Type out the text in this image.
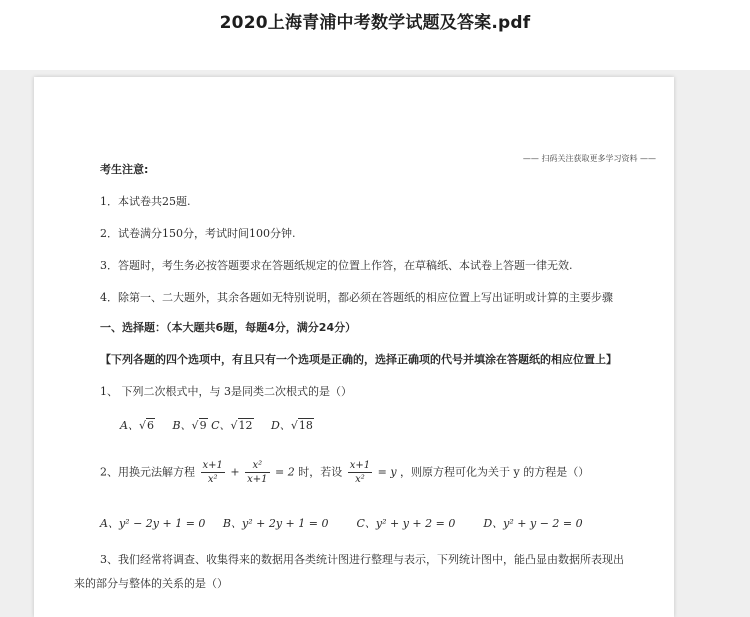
2020上海青浦中考数学试题及答案.pdf
—— 扫码关注获取更多学习资料 ——
考生注意:
1．本试卷共25题.
2．试卷满分150分，考试时间100分钟.
3．答题时，考生务必按答题要求在答题纸规定的位置上作答，在草稿纸、本试卷上答题一律无效.
4．除第一、二大题外，其余各题如无特别说明，都必须在答题纸的相应位置上写出证明或计算的主要步骤
一、选择题：（本大题共6题，每题4分，满分24分）
【下列各题的四个选项中，有且只有一个选项是正确的，选择正确项的代号并填涂在答题纸的相应位置上】
1、 下列二次根式中，与 3是同类二次根式的是（）
A、√6 B、√9 C、√12 D、√18
2、用换元法解方程 $\frac{x+1}{\text{x²}} + \frac{\text{x²}}{x+1} = 2$ 时，若设 $\frac{x+1}{\text{x²}} = y$ ，则原方程可化为关于 y 的方程是（）
A、y² − 2y + 1 = 0 B、y² + 2y + 1 = 0	C、y² + y + 2 = 0	D、y² + y − 2 = 0
3、我们经常将调查、收集得来的数据用各类统计图进行整理与表示，下列统计图中，能凸显由数据所表现出
来的部分与整体的关系的是（）
